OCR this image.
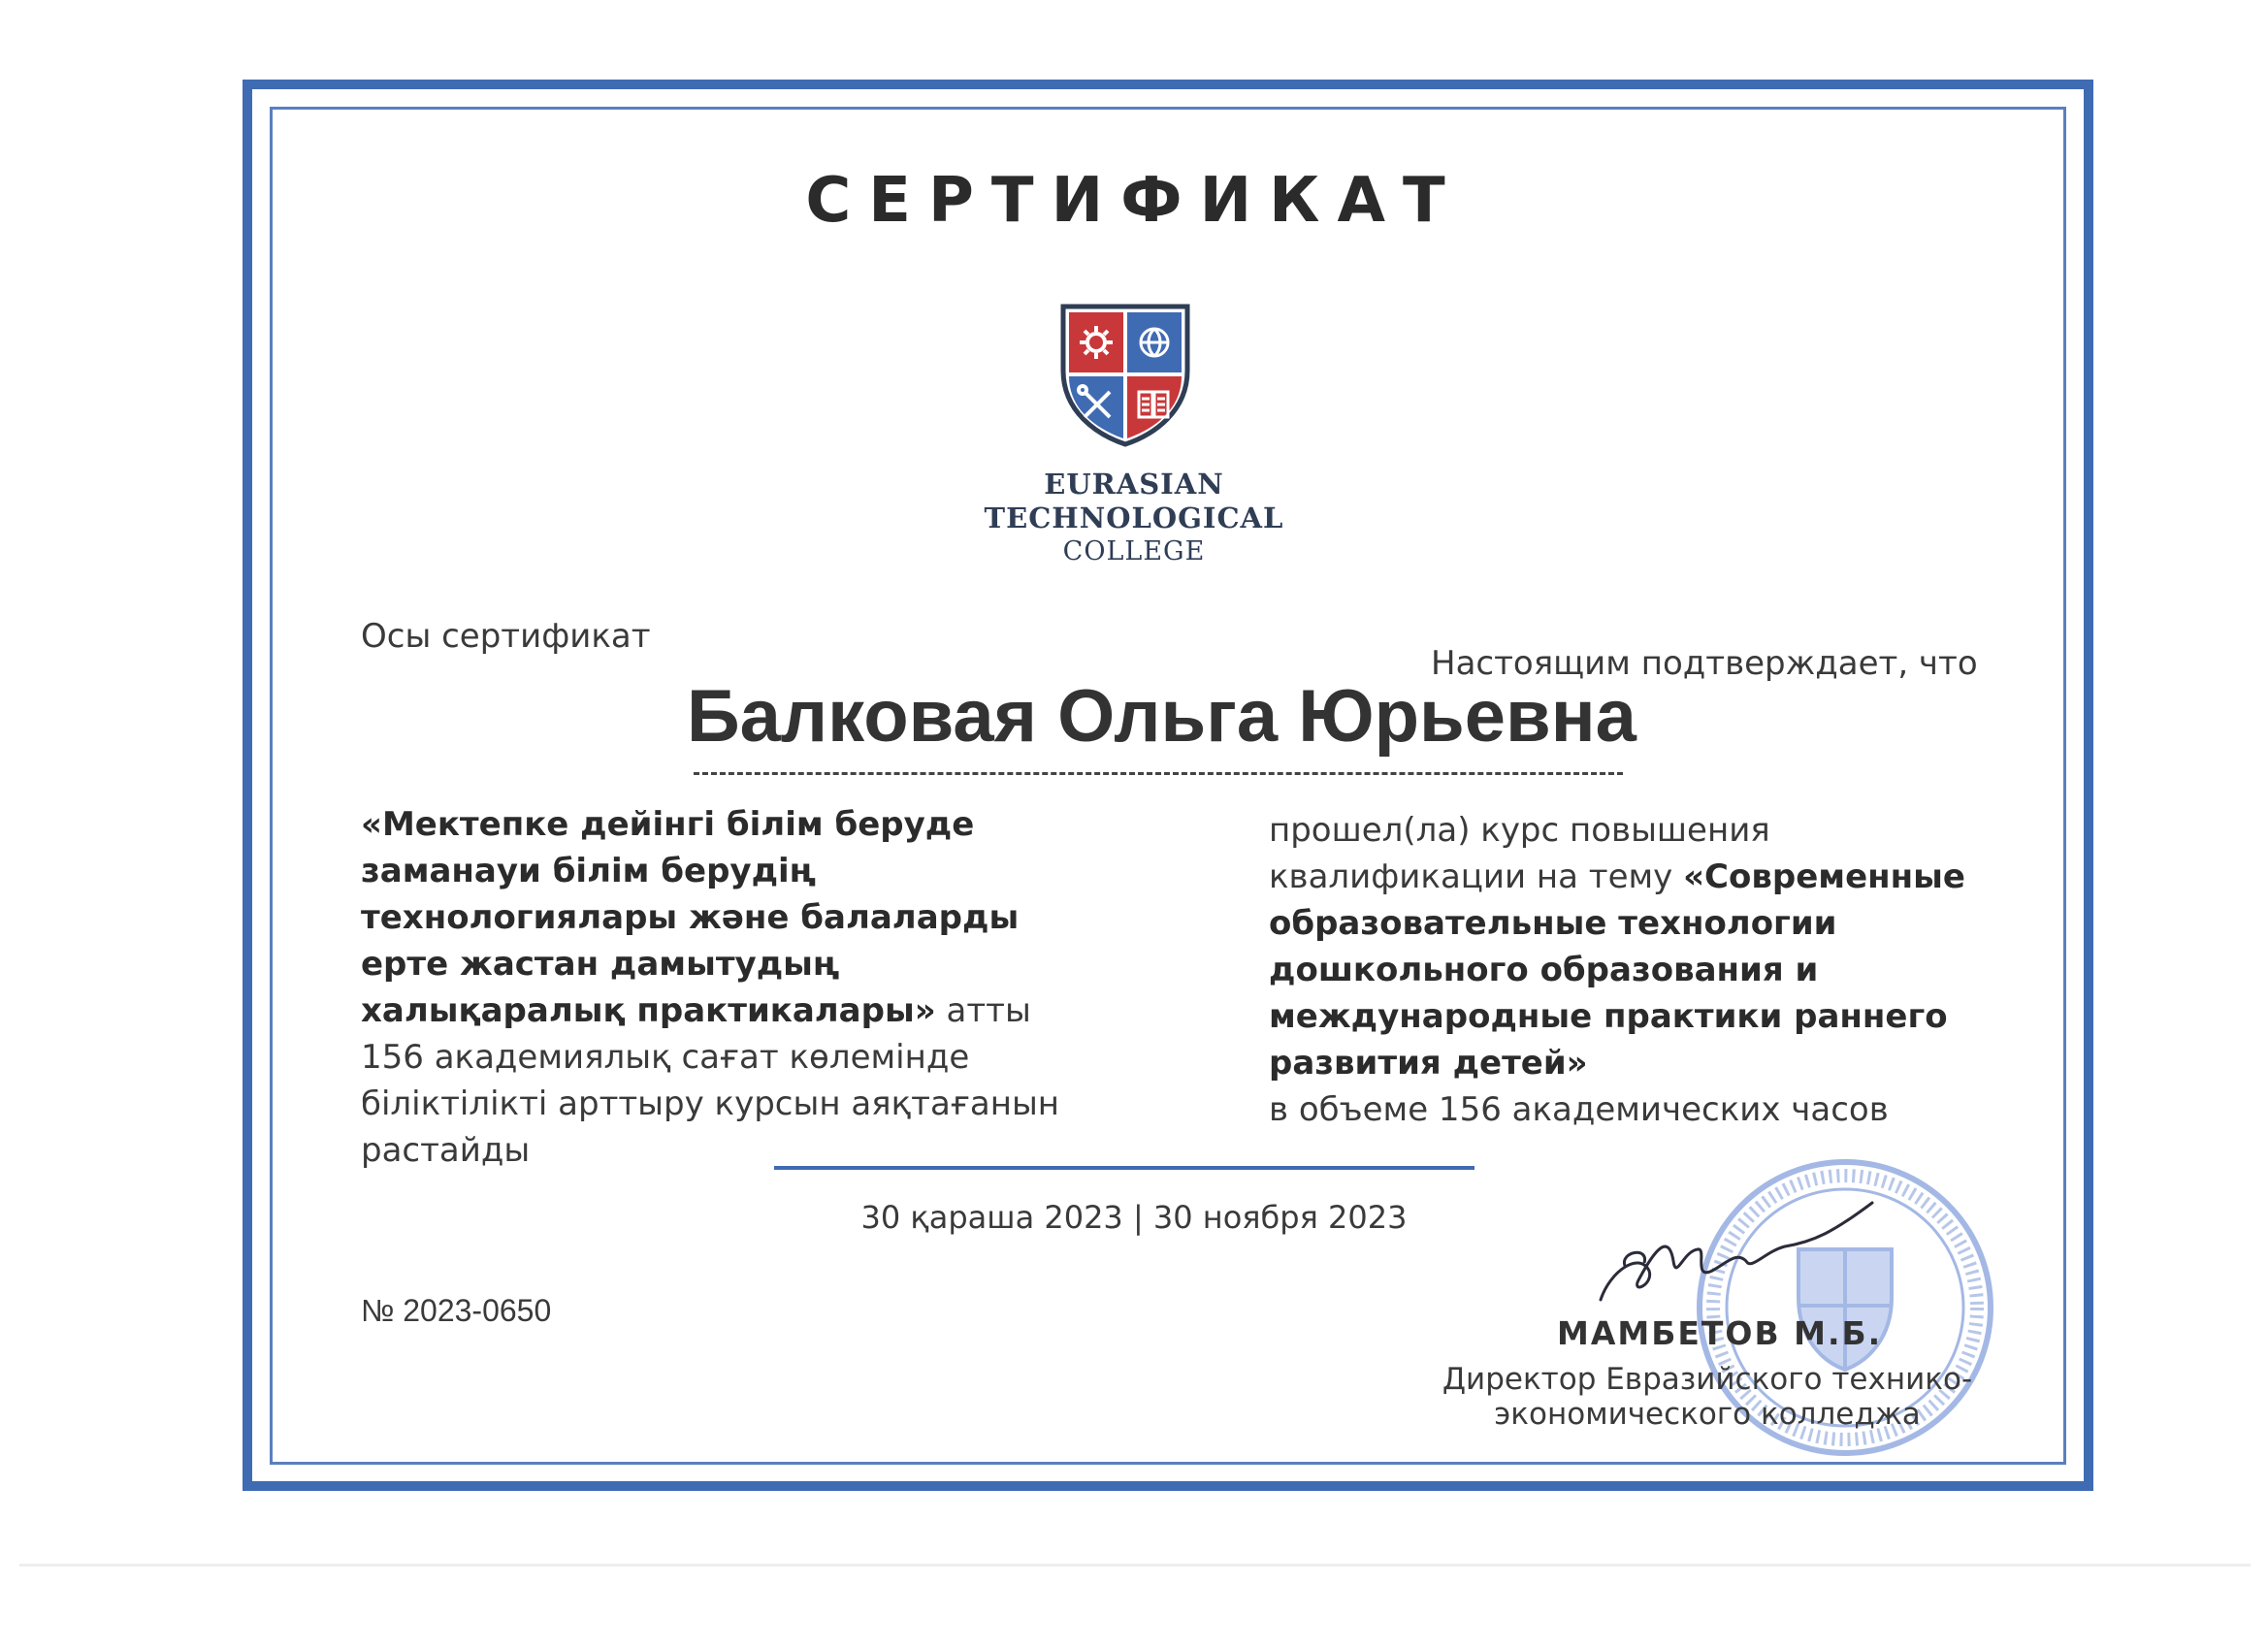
СЕРТИФИКАТ
EURASIAN
TECHNOLOGICAL
COLLEGE
Осы сертификат
Настоящим подтверждает, что
Балковая Ольга Юрьевна
«Мектепке дейінгі білім беруде заманауи білім берудің технологиялары және балаларды ерте жастан дамытудың халықаралық практикалары» атты 156 академиялық сағат көлемінде біліктілікті арттыру курсын аяқтағанын растайды
прошел(ла) курс повышения квалификации на тему «Современные образовательные технологии дошкольного образования и международные практики раннего развития детей»
в объеме 156 академических часов
30 қараша 2023 | 30 ноября 2023
№ 2023-0650
МАМБЕТОВ М.Б.
Директор Евразийского технико-экономического колледжа
